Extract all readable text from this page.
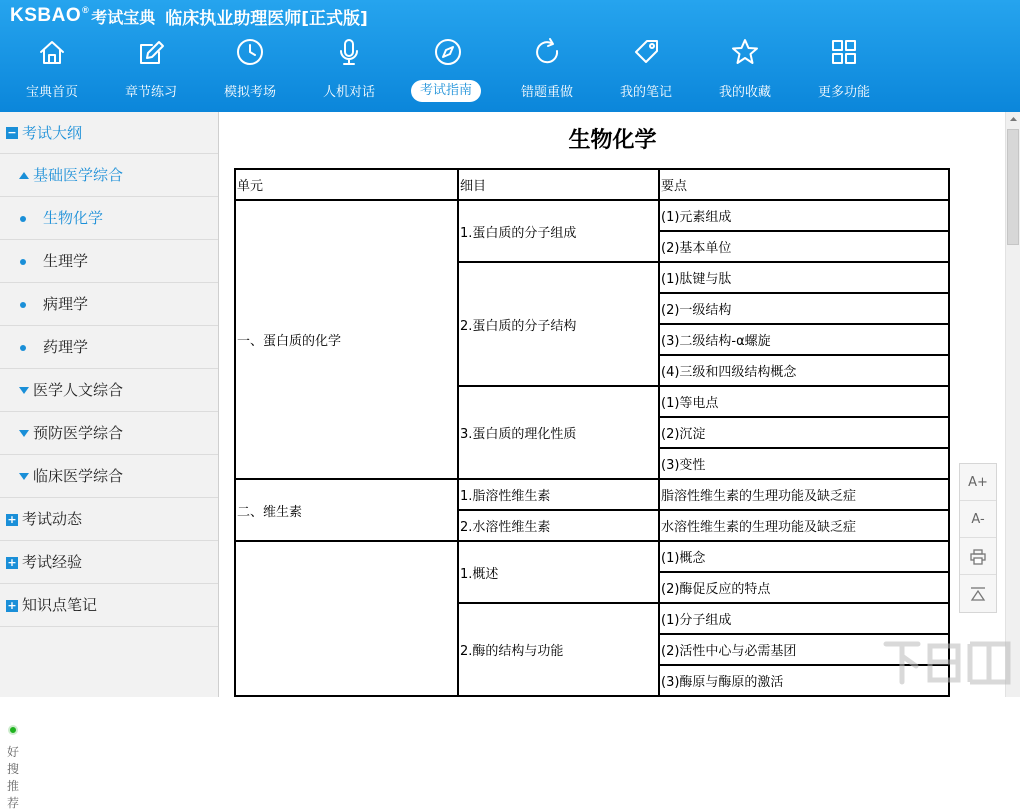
KSBAO® 考试宝典 临床执业助理医师[正式版]
宝典首页	章节练习	模拟考场	人机对话	考试指南	错题重做	我的笔记	我的收藏	更多功能
− 考试大纲
基础医学综合
生物化学
生理学
病理学
药理学
医学人文综合
预防医学综合
临床医学综合
+ 考试动态
+ 考试经验
+ 知识点笔记
好搜推荐
生物化学
单元	细目	要点
一、蛋白质的化学	1.蛋白质的分子组成	(1)元素组成
		(2)基本单位
	2.蛋白质的分子结构	(1)肽键与肽
		(2)一级结构
		(3)二级结构-α螺旋
		(4)三级和四级结构概念
	3.蛋白质的理化性质	(1)等电点
		(2)沉淀
		(3)变性
二、维生素	1.脂溶性维生素	脂溶性维生素的生理功能及缺乏症
	2.水溶性维生素	水溶性维生素的生理功能及缺乏症
	1.概述	(1)概念
		(2)酶促反应的特点
	2.酶的结构与功能	(1)分子组成
		(2)活性中心与必需基团
		(3)酶原与酶原的激活
A+
A-
